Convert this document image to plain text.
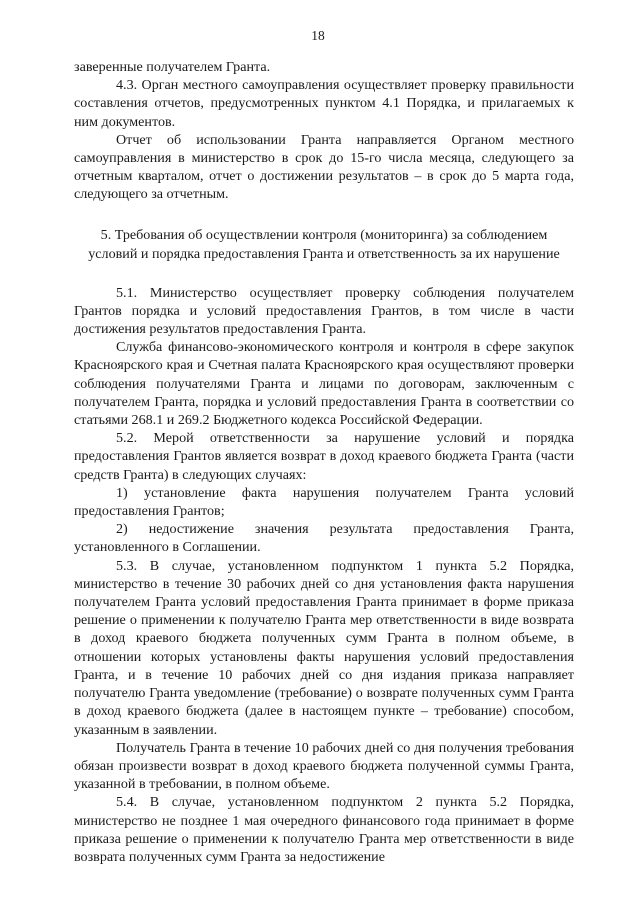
18

заверенные получателем Гранта.

4.3. Орган местного самоуправления осуществляет проверку правильности составления отчетов, предусмотренных пунктом 4.1 Порядка, и прилагаемых к ним документов.

Отчет об использовании Гранта направляется Органом местного самоуправления в министерство в срок до 15-го числа месяца, следующего за отчетным кварталом, отчет о достижении результатов – в срок до 5 марта года, следующего за отчетным.

5. Требования об осуществлении контроля (мониторинга) за соблюдением
условий и порядка предоставления Гранта и ответственность за их нарушение

5.1. Министерство осуществляет проверку соблюдения получателем Грантов порядка и условий предоставления Грантов, в том числе в части достижения результатов предоставления Гранта.

Служба финансово-экономического контроля и контроля в сфере закупок Красноярского края и Счетная палата Красноярского края осуществляют проверки соблюдения получателями Гранта и лицами по договорам, заключенным с получателем Гранта, порядка и условий предоставления Гранта в соответствии со статьями 268.1 и 269.2 Бюджетного кодекса Российской Федерации.

5.2. Мерой ответственности за нарушение условий и порядка предоставления Грантов является возврат в доход краевого бюджета Гранта (части средств Гранта) в следующих случаях:

1) установление факта нарушения получателем Гранта условий предоставления Грантов;

2) недостижение значения результата предоставления Гранта, установленного в Соглашении.

5.3. В случае, установленном подпунктом 1 пункта 5.2 Порядка, министерство в течение 30 рабочих дней со дня установления факта нарушения получателем Гранта условий предоставления Гранта принимает в форме приказа решение о применении к получателю Гранта мер ответственности в виде возврата в доход краевого бюджета полученных сумм Гранта в полном объеме, в отношении которых установлены факты нарушения условий предоставления Гранта, и в течение 10 рабочих дней со дня издания приказа направляет получателю Гранта уведомление (требование) о возврате полученных сумм Гранта в доход краевого бюджета (далее в настоящем пункте – требование) способом, указанным в заявлении.

Получатель Гранта в течение 10 рабочих дней со дня получения требования обязан произвести возврат в доход краевого бюджета полученной суммы Гранта, указанной в требовании, в полном объеме.

5.4. В случае, установленном подпунктом 2 пункта 5.2 Порядка, министерство не позднее 1 мая очередного финансового года принимает в форме приказа решение о применении к получателю Гранта мер ответственности в виде возврата полученных сумм Гранта за недостижение
